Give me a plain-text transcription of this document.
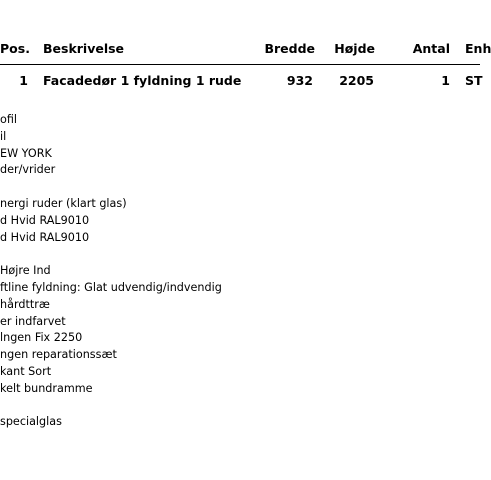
Pos. Beskrivelse	Bredde	Højde	Antal Enh
1 Facadedør 1 fyldning 1 rude	932	2205	1 ST
ofil
il
EW YORK
der/vrider
nergi ruder (klart glas)
d Hvid RAL9010
d Hvid RAL9010
Højre Ind
ftline fyldning: Glat udvendig/indvendig
hårdttræ
er indfarvet
lngen Fix 2250
ngen reparationssæt
kant Sort
kelt bundramme
specialglas
